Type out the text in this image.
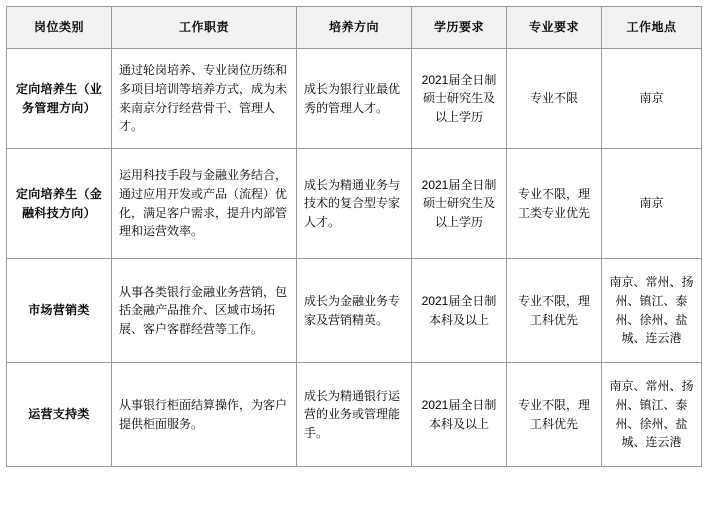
岗位类别	工作职责	培养方向	学历要求	专业要求	工作地点
定向培养生（业务管理方向）	通过轮岗培养、专业岗位历练和多项目培训等培养方式，成为未来南京分行经营骨干、管理人才。	成长为银行业最优秀的管理人才。	2021届全日制硕士研究生及以上学历	专业不限	南京
定向培养生（金融科技方向）	运用科技手段与金融业务结合，通过应用开发或产品（流程）优化，满足客户需求，提升内部管理和运营效率。	成长为精通业务与技术的复合型专家人才。	2021届全日制硕士研究生及以上学历	专业不限，理工类专业优先	南京
市场营销类	从事各类银行金融业务营销，包括金融产品推介、区域市场拓展、客户客群经营等工作。	成长为金融业务专家及营销精英。	2021届全日制本科及以上	专业不限，理工科优先	南京、常州、扬州、镇江、泰州、徐州、盐城、连云港
运营支持类	从事银行柜面结算操作，为客户提供柜面服务。	成长为精通银行运营的业务或管理能手。	2021届全日制本科及以上	专业不限，理工科优先	南京、常州、扬州、镇江、泰州、徐州、盐城、连云港
